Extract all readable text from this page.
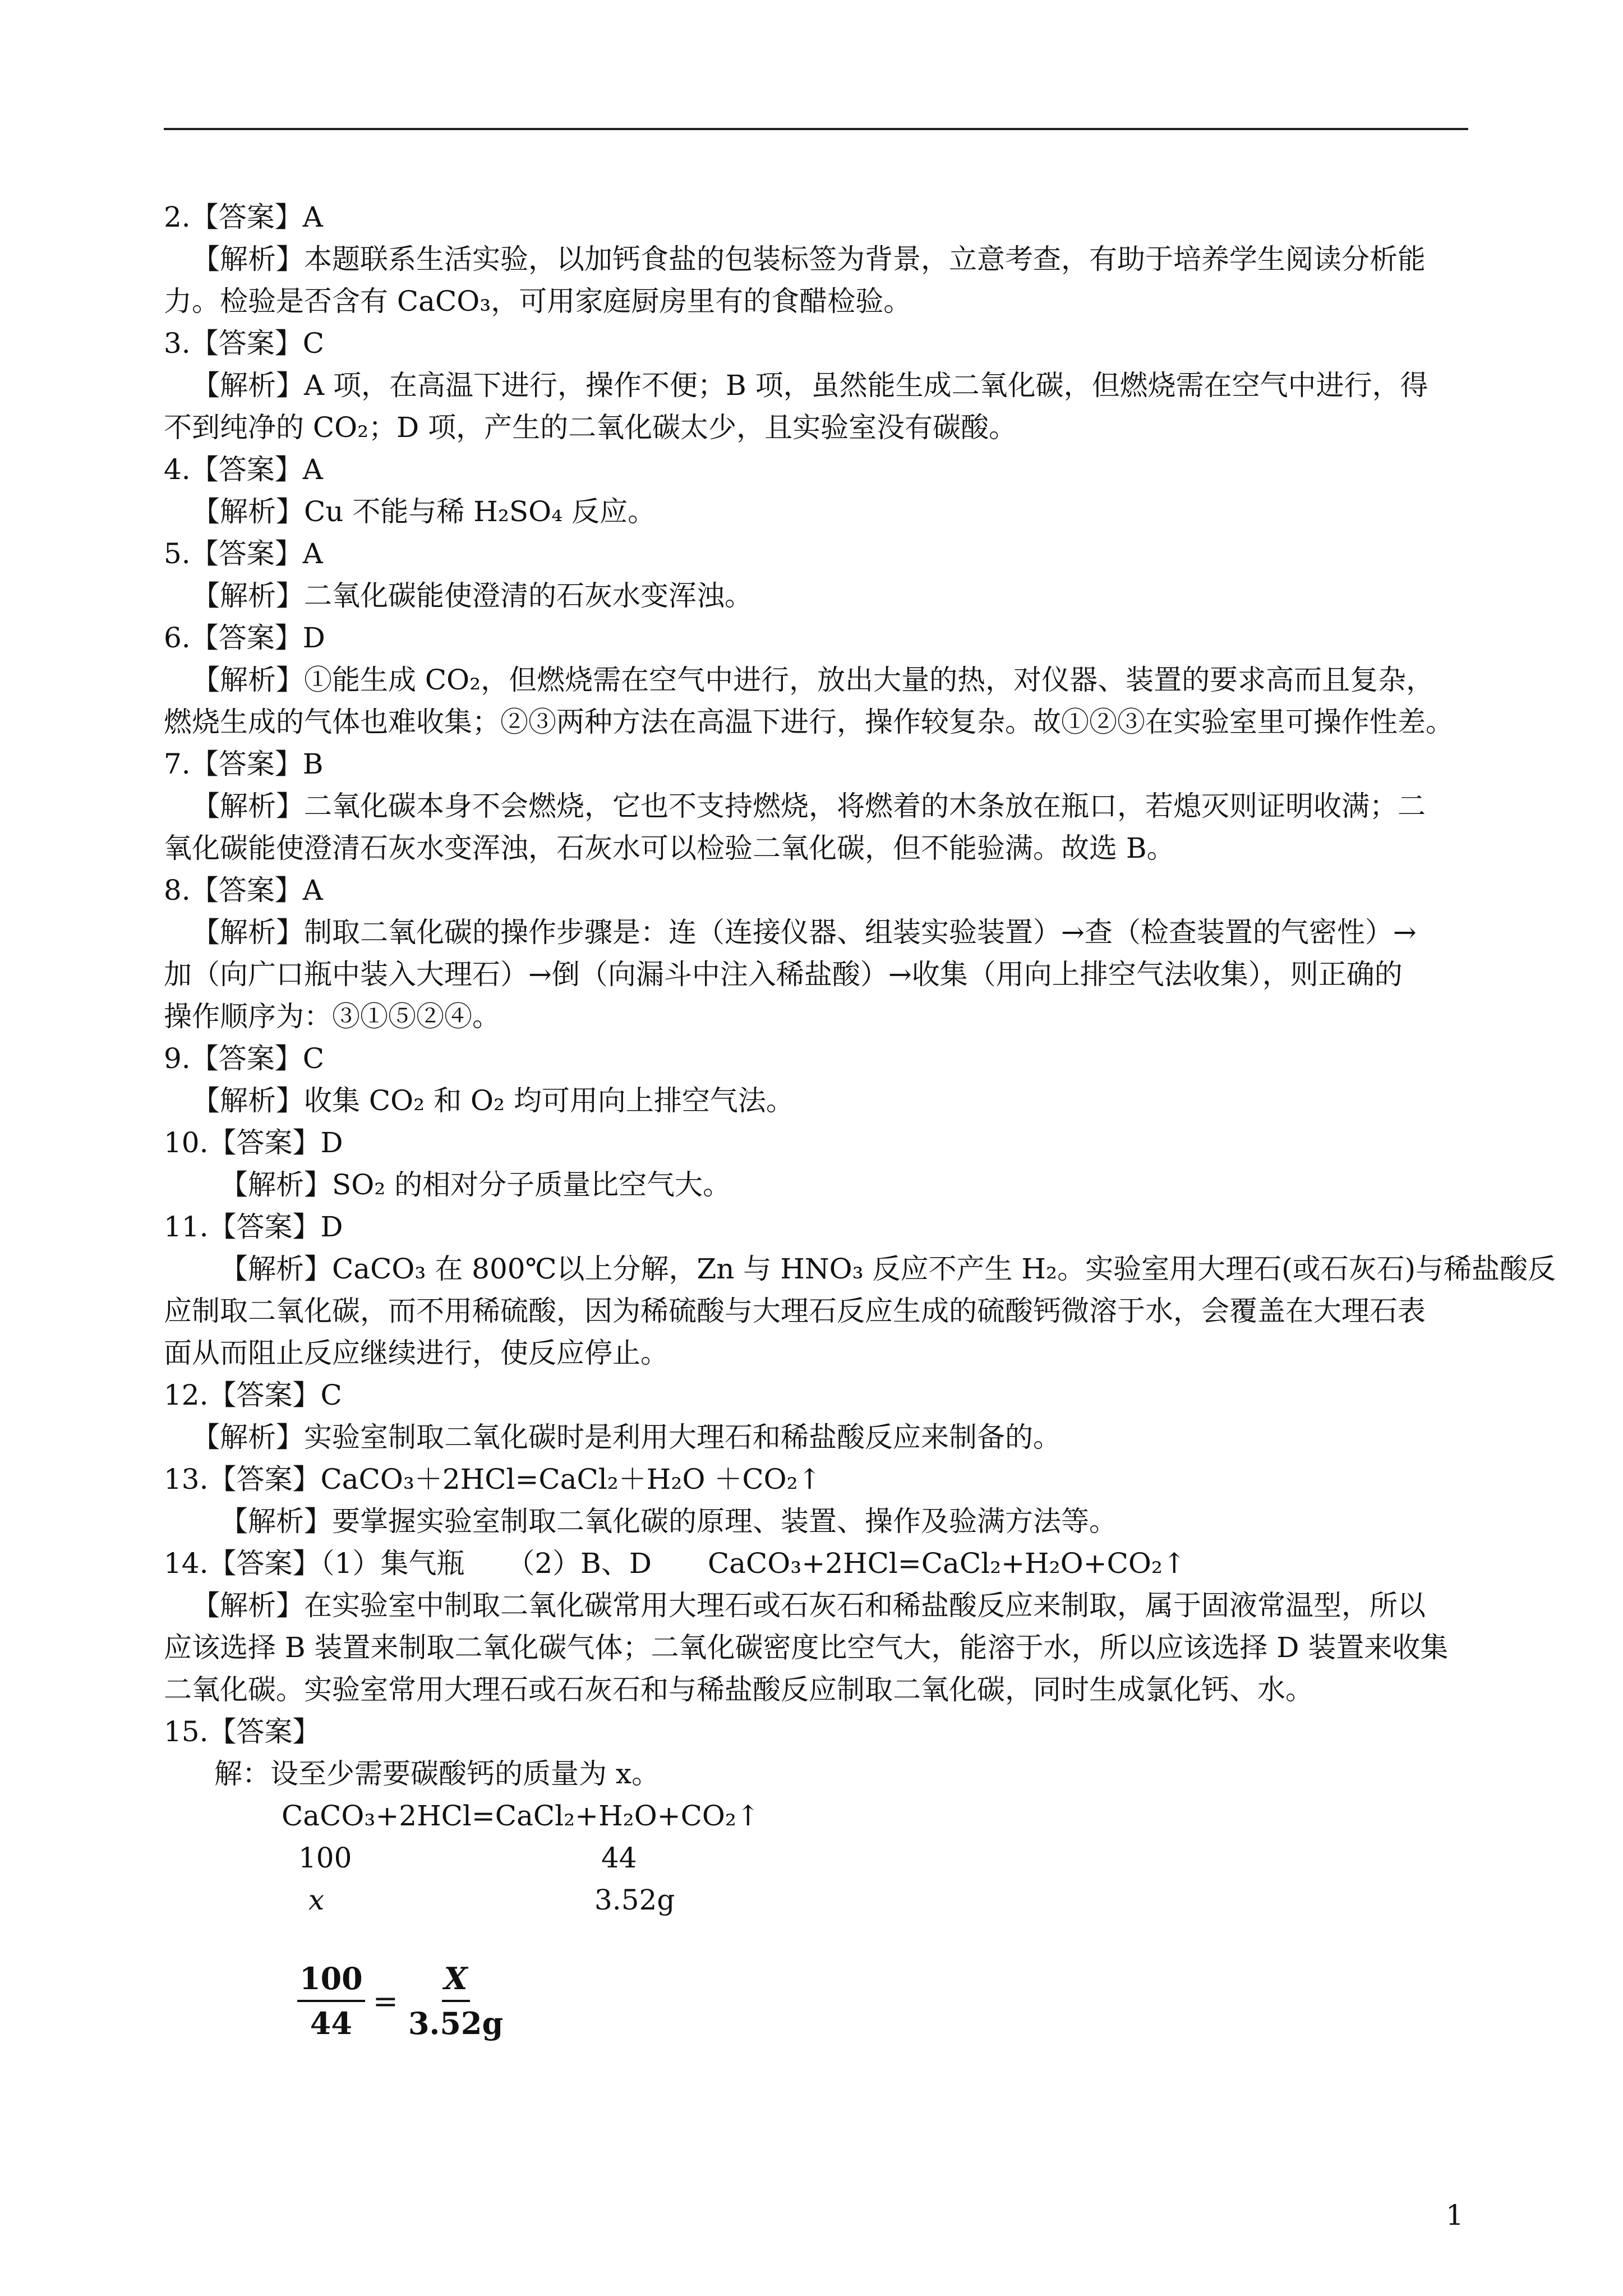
2.【答案】A
【解析】本题联系生活实验，以加钙食盐的包装标签为背景，立意考查，有助于培养学生阅读分析能
力。检验是否含有 CaCO₃，可用家庭厨房里有的食醋检验。
3.【答案】C
【解析】A 项，在高温下进行，操作不便；B 项，虽然能生成二氧化碳，但燃烧需在空气中进行，得
不到纯净的 CO₂；D 项，产生的二氧化碳太少，且实验室没有碳酸。
4.【答案】A
【解析】Cu 不能与稀 H₂SO₄ 反应。
5.【答案】A
【解析】二氧化碳能使澄清的石灰水变浑浊。
6.【答案】D
【解析】①能生成 CO₂，但燃烧需在空气中进行，放出大量的热，对仪器、装置的要求高而且复杂，
燃烧生成的气体也难收集；②③两种方法在高温下进行，操作较复杂。故①②③在实验室里可操作性差。
7.【答案】B
【解析】二氧化碳本身不会燃烧，它也不支持燃烧，将燃着的木条放在瓶口，若熄灭则证明收满；二
氧化碳能使澄清石灰水变浑浊，石灰水可以检验二氧化碳，但不能验满。故选 B。
8.【答案】A
【解析】制取二氧化碳的操作步骤是：连（连接仪器、组装实验装置）→查（检查装置的气密性）→
加（向广口瓶中装入大理石）→倒（向漏斗中注入稀盐酸）→收集（用向上排空气法收集），则正确的
操作顺序为：③①⑤②④。
9.【答案】C
【解析】收集 CO₂ 和 O₂ 均可用向上排空气法。
10.【答案】D
【解析】SO₂ 的相对分子质量比空气大。
11.【答案】D
【解析】CaCO₃ 在 800℃以上分解，Zn 与 HNO₃ 反应不产生 H₂。实验室用大理石(或石灰石)与稀盐酸反
应制取二氧化碳，而不用稀硫酸，因为稀硫酸与大理石反应生成的硫酸钙微溶于水，会覆盖在大理石表
面从而阻止反应继续进行，使反应停止。
12.【答案】C
【解析】实验室制取二氧化碳时是利用大理石和稀盐酸反应来制备的。
13.【答案】CaCO₃＋2HCl=CaCl₂＋H₂O ＋CO₂↑
【解析】要掌握实验室制取二氧化碳的原理、装置、操作及验满方法等。
14.【答案】（1）集气瓶　　（2）B、D　　CaCO₃+2HCl=CaCl₂+H₂O+CO₂↑
【解析】在实验室中制取二氧化碳常用大理石或石灰石和稀盐酸反应来制取，属于固液常温型，所以
应该选择 B 装置来制取二氧化碳气体；二氧化碳密度比空气大，能溶于水，所以应该选择 D 装置来收集
二氧化碳。实验室常用大理石或石灰石和与稀盐酸反应制取二氧化碳，同时生成氯化钙、水。
15.【答案】
解：设至少需要碳酸钙的质量为 x。
CaCO₃+2HCl=CaCl₂+H₂O+CO₂↑
100	44
x	3.52g
$\frac{100}{44} = \frac{X}{3.52g}$
1
